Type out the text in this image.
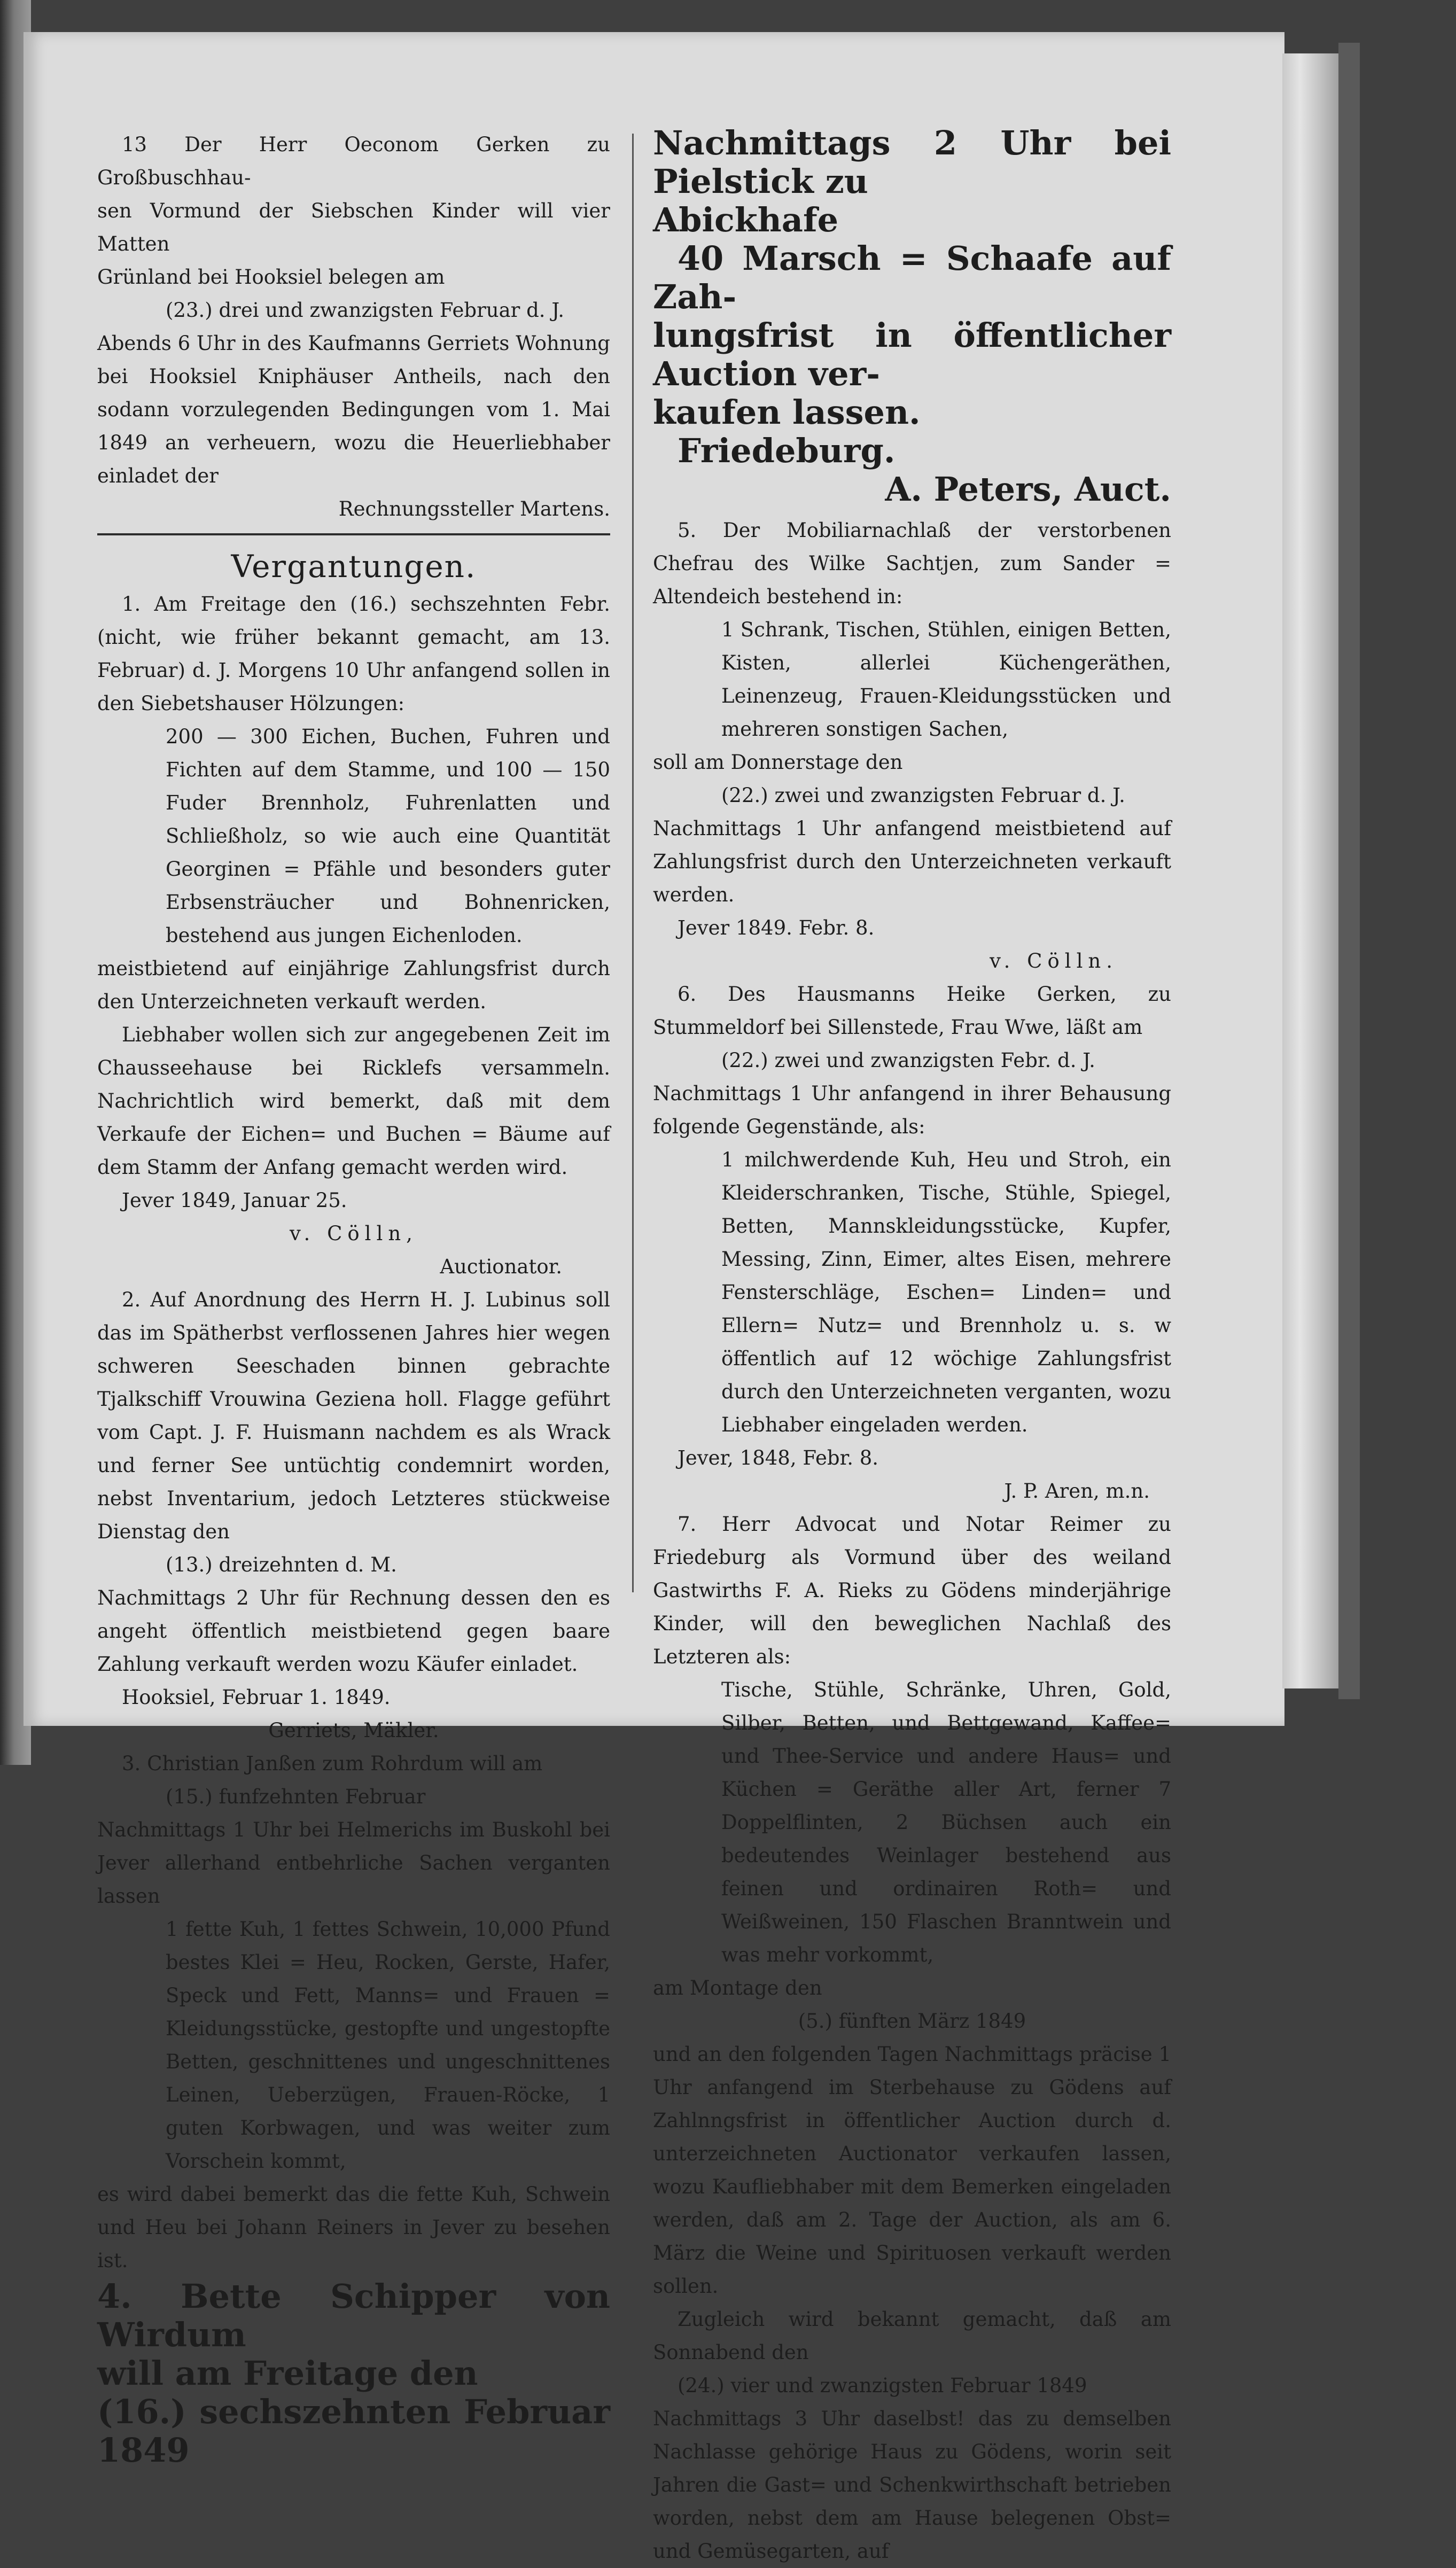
13 Der Herr Oeconom Gerken zu Großbuschhau-

sen Vormund der Siebschen Kinder will vier Matten

Grünland bei Hooksiel belegen am

(23.) drei und zwanzigsten Februar d. J.

Abends 6 Uhr in des Kaufmanns Gerriets Wohnung bei Hooksiel Kniphäuser Antheils, nach den sodann vorzulegenden Bedingungen vom 1. Mai 1849 an verheuern, wozu die Heuerliebhaber einladet der

Rechnungssteller Martens.

Vergantungen.

1. Am Freitage den (16.) sechszehnten Febr. (nicht, wie früher bekannt gemacht, am 13. Februar) d. J. Morgens 10 Uhr anfangend sollen in den Siebetshauser Hölzungen:

200 — 300 Eichen, Buchen, Fuhren und Fichten auf dem Stamme, und 100 — 150 Fuder Brennholz, Fuhrenlatten und Schließholz, so wie auch eine Quantität Georginen = Pfähle und besonders guter Erbsensträucher und Bohnenricken, bestehend aus jungen Eichenloden.

meistbietend auf einjährige Zahlungsfrist durch den Unterzeichneten verkauft werden.

Liebhaber wollen sich zur angegebenen Zeit im Chausseehause bei Ricklefs versammeln. Nachrichtlich wird bemerkt, daß mit dem Verkaufe der Eichen= und Buchen = Bäume auf dem Stamm der Anfang gemacht werden wird.

Jever 1849, Januar 25.

v. Cölln,

Auctionator.

2. Auf Anordnung des Herrn H. J. Lubinus soll das im Spätherbst verflossenen Jahres hier wegen schweren Seeschaden binnen gebrachte Tjalkschiff Vrouwina Geziena holl. Flagge geführt vom Capt. J. F. Huismann nachdem es als Wrack und ferner See untüchtig condemnirt worden, nebst Inventarium, jedoch Letzteres stückweise Dienstag den

(13.) dreizehnten d. M.

Nachmittags 2 Uhr für Rechnung dessen den es angeht öffentlich meistbietend gegen baare Zahlung verkauft werden wozu Käufer einladet.

Hooksiel, Februar 1. 1849.

Gerriets, Mäkler.

3. Christian Janßen zum Rohrdum will am

(15.) funfzehnten Februar

Nachmittags 1 Uhr bei Helmerichs im Buskohl bei Jever allerhand entbehrliche Sachen verganten lassen

1 fette Kuh, 1 fettes Schwein, 10,000 Pfund bestes Klei = Heu, Rocken, Gerste, Hafer, Speck und Fett, Manns= und Frauen = Kleidungsstücke, gestopfte und ungestopfte Betten, geschnittenes und ungeschnittenes Leinen, Ueberzügen, Frauen-Röcke, 1 guten Korbwagen, und was weiter zum Vorschein kommt,

es wird dabei bemerkt das die fette Kuh, Schwein und Heu bei Johann Reiners in Jever zu besehen ist.

4. Bette Schipper von Wirdum

will am Freitage den

(16.) sechszehnten Februar 1849

Nachmittags 2 Uhr bei Pielstick zu

Abickhafe

40 Marsch = Schaafe auf Zah-

lungsfrist in öffentlicher Auction ver-

kaufen lassen.

Friedeburg.

A. Peters, Auct.

5. Der Mobiliarnachlaß der verstorbenen Chefrau des Wilke Sachtjen, zum Sander = Altendeich bestehend in:

1 Schrank, Tischen, Stühlen, einigen Betten, Kisten, allerlei Küchengeräthen, Leinenzeug, Frauen-Kleidungsstücken und mehreren sonstigen Sachen,

soll am Donnerstage den

(22.) zwei und zwanzigsten Februar d. J.

Nachmittags 1 Uhr anfangend meistbietend auf Zahlungsfrist durch den Unterzeichneten verkauft werden.

Jever 1849. Febr. 8.

v. Cölln.

6. Des Hausmanns Heike Gerken, zu Stummeldorf bei Sillenstede, Frau Wwe, läßt am

(22.) zwei und zwanzigsten Febr. d. J.

Nachmittags 1 Uhr anfangend in ihrer Behausung folgende Gegenstände, als:

1 milchwerdende Kuh, Heu und Stroh, ein Kleiderschranken, Tische, Stühle, Spiegel, Betten, Mannskleidungsstücke, Kupfer, Messing, Zinn, Eimer, altes Eisen, mehrere Fensterschläge, Eschen= Linden= und Ellern= Nutz= und Brennholz u. s. w öffentlich auf 12 wöchige Zahlungsfrist durch den Unterzeichneten verganten, wozu Liebhaber eingeladen werden.

Jever, 1848, Febr. 8.

J. P. Aren, m.n.

7. Herr Advocat und Notar Reimer zu Friedeburg als Vormund über des weiland Gastwirths F. A. Rieks zu Gödens minderjährige Kinder, will den beweglichen Nachlaß des Letzteren als:

Tische, Stühle, Schränke, Uhren, Gold, Silber, Betten, und Bettgewand, Kaffee= und Thee-Service und andere Haus= und Küchen = Geräthe aller Art, ferner 7 Doppelflinten, 2 Büchsen auch ein bedeutendes Weinlager bestehend aus feinen und ordinairen Roth= und Weißweinen, 150 Flaschen Branntwein und was mehr vorkommt,

am Montage den

(5.) fünften März 1849

und an den folgenden Tagen Nachmittags präcise 1 Uhr anfangend im Sterbehause zu Gödens auf Zahlnngsfrist in öffentlicher Auction durch d. unterzeichneten Auctionator verkaufen lassen, wozu Kaufliebhaber mit dem Bemerken eingeladen werden, daß am 2. Tage der Auction, als am 6. März die Weine und Spirituosen verkauft werden sollen.

Zugleich wird bekannt gemacht, daß am Sonnabend den

(24.) vier und zwanzigsten Februar 1849

Nachmittags 3 Uhr daselbst! das zu demselben Nachlasse gehörige Haus zu Gödens, worin seit Jahren die Gast= und Schenkwirthschaft betrieben worden, nebst dem am Hause belegenen Obst= und Gemüsegarten, auf
